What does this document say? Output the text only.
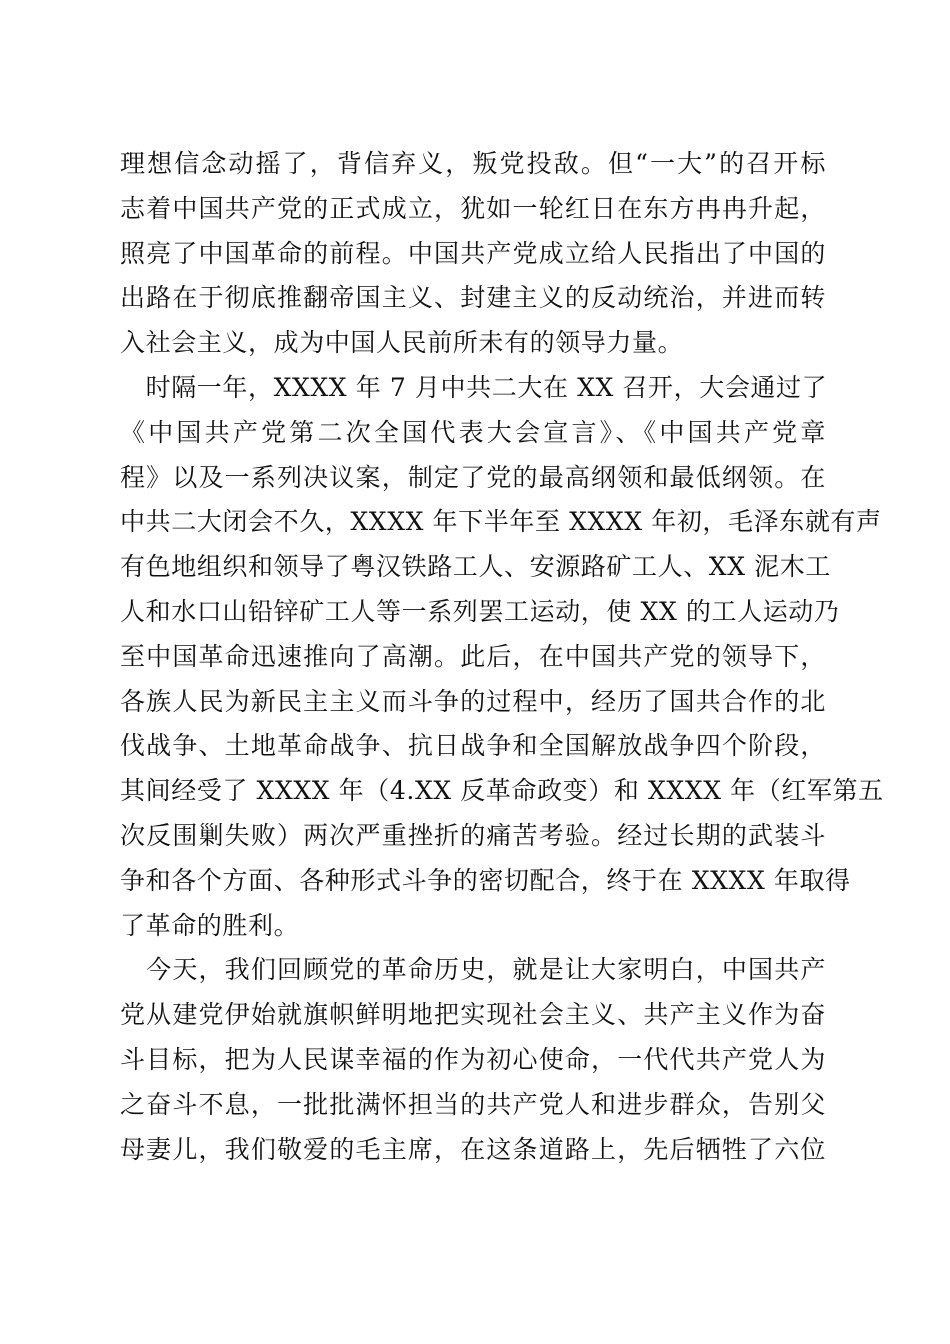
理想信念动摇了，背信弃义，叛党投敌。但“一大”的召开标
志着中国共产党的正式成立，犹如一轮红日在东方冉冉升起，
照亮了中国革命的前程。中国共产党成立给人民指出了中国的
出路在于彻底推翻帝国主义、封建主义的反动统治，并进而转
入社会主义，成为中国人民前所未有的领导力量。
　时隔一年，XXXX 年 7 月中共二大在 XX 召开，大会通过了
《中国共产党第二次全国代表大会宣言》、《中国共产党章
程》以及一系列决议案，制定了党的最高纲领和最低纲领。在
中共二大闭会不久，XXXX 年下半年至 XXXX 年初，毛泽东就有声
有色地组织和领导了粤汉铁路工人、安源路矿工人、XX 泥木工
人和水口山铅锌矿工人等一系列罢工运动，使 XX 的工人运动乃
至中国革命迅速推向了高潮。此后，在中国共产党的领导下，
各族人民为新民主主义而斗争的过程中，经历了国共合作的北
伐战争、土地革命战争、抗日战争和全国解放战争四个阶段，
其间经受了 XXXX 年（4.XX 反革命政变）和 XXXX 年（红军第五
次反围剿失败）两次严重挫折的痛苦考验。经过长期的武装斗
争和各个方面、各种形式斗争的密切配合，终于在 XXXX 年取得
了革命的胜利。
　今天，我们回顾党的革命历史，就是让大家明白，中国共产
党从建党伊始就旗帜鲜明地把实现社会主义、共产主义作为奋
斗目标，把为人民谋幸福的作为初心使命，一代代共产党人为
之奋斗不息，一批批满怀担当的共产党人和进步群众，告别父
母妻儿，我们敬爱的毛主席，在这条道路上，先后牺牲了六位
